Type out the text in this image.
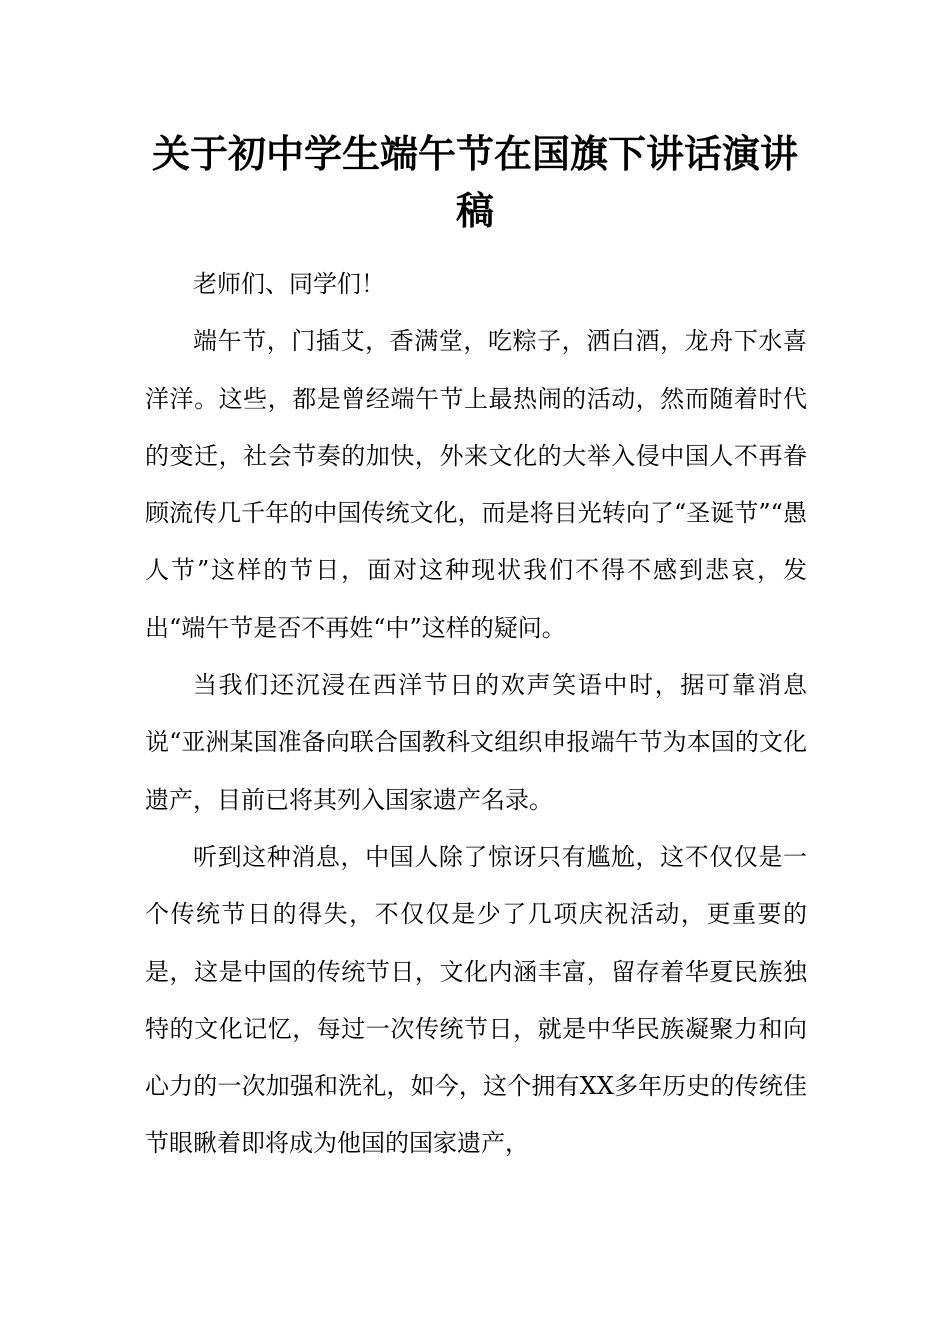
关于初中学生端午节在国旗下讲话演讲
稿

老师们、同学们！

端午节，门插艾，香满堂，吃粽子，洒白酒，龙舟下水喜洋洋。这些，都是曾经端午节上最热闹的活动，然而随着时代的变迁，社会节奏的加快，外来文化的大举入侵中国人不再眷顾流传几千年的中国传统文化，而是将目光转向了“圣诞节”“愚人节”这样的节日，面对这种现状我们不得不感到悲哀，发出“端午节是否不再姓“中”这样的疑问。

当我们还沉浸在西洋节日的欢声笑语中时，据可靠消息说“亚洲某国准备向联合国教科文组织申报端午节为本国的文化遗产，目前已将其列入国家遗产名录。

听到这种消息，中国人除了惊讶只有尴尬，这不仅仅是一个传统节日的得失，不仅仅是少了几项庆祝活动，更重要的是，这是中国的传统节日，文化内涵丰富，留存着华夏民族独特的文化记忆，每过一次传统节日，就是中华民族凝聚力和向心力的一次加强和洗礼，如今，这个拥有XX多年历史的传统佳节眼瞅着即将成为他国的国家遗产，
